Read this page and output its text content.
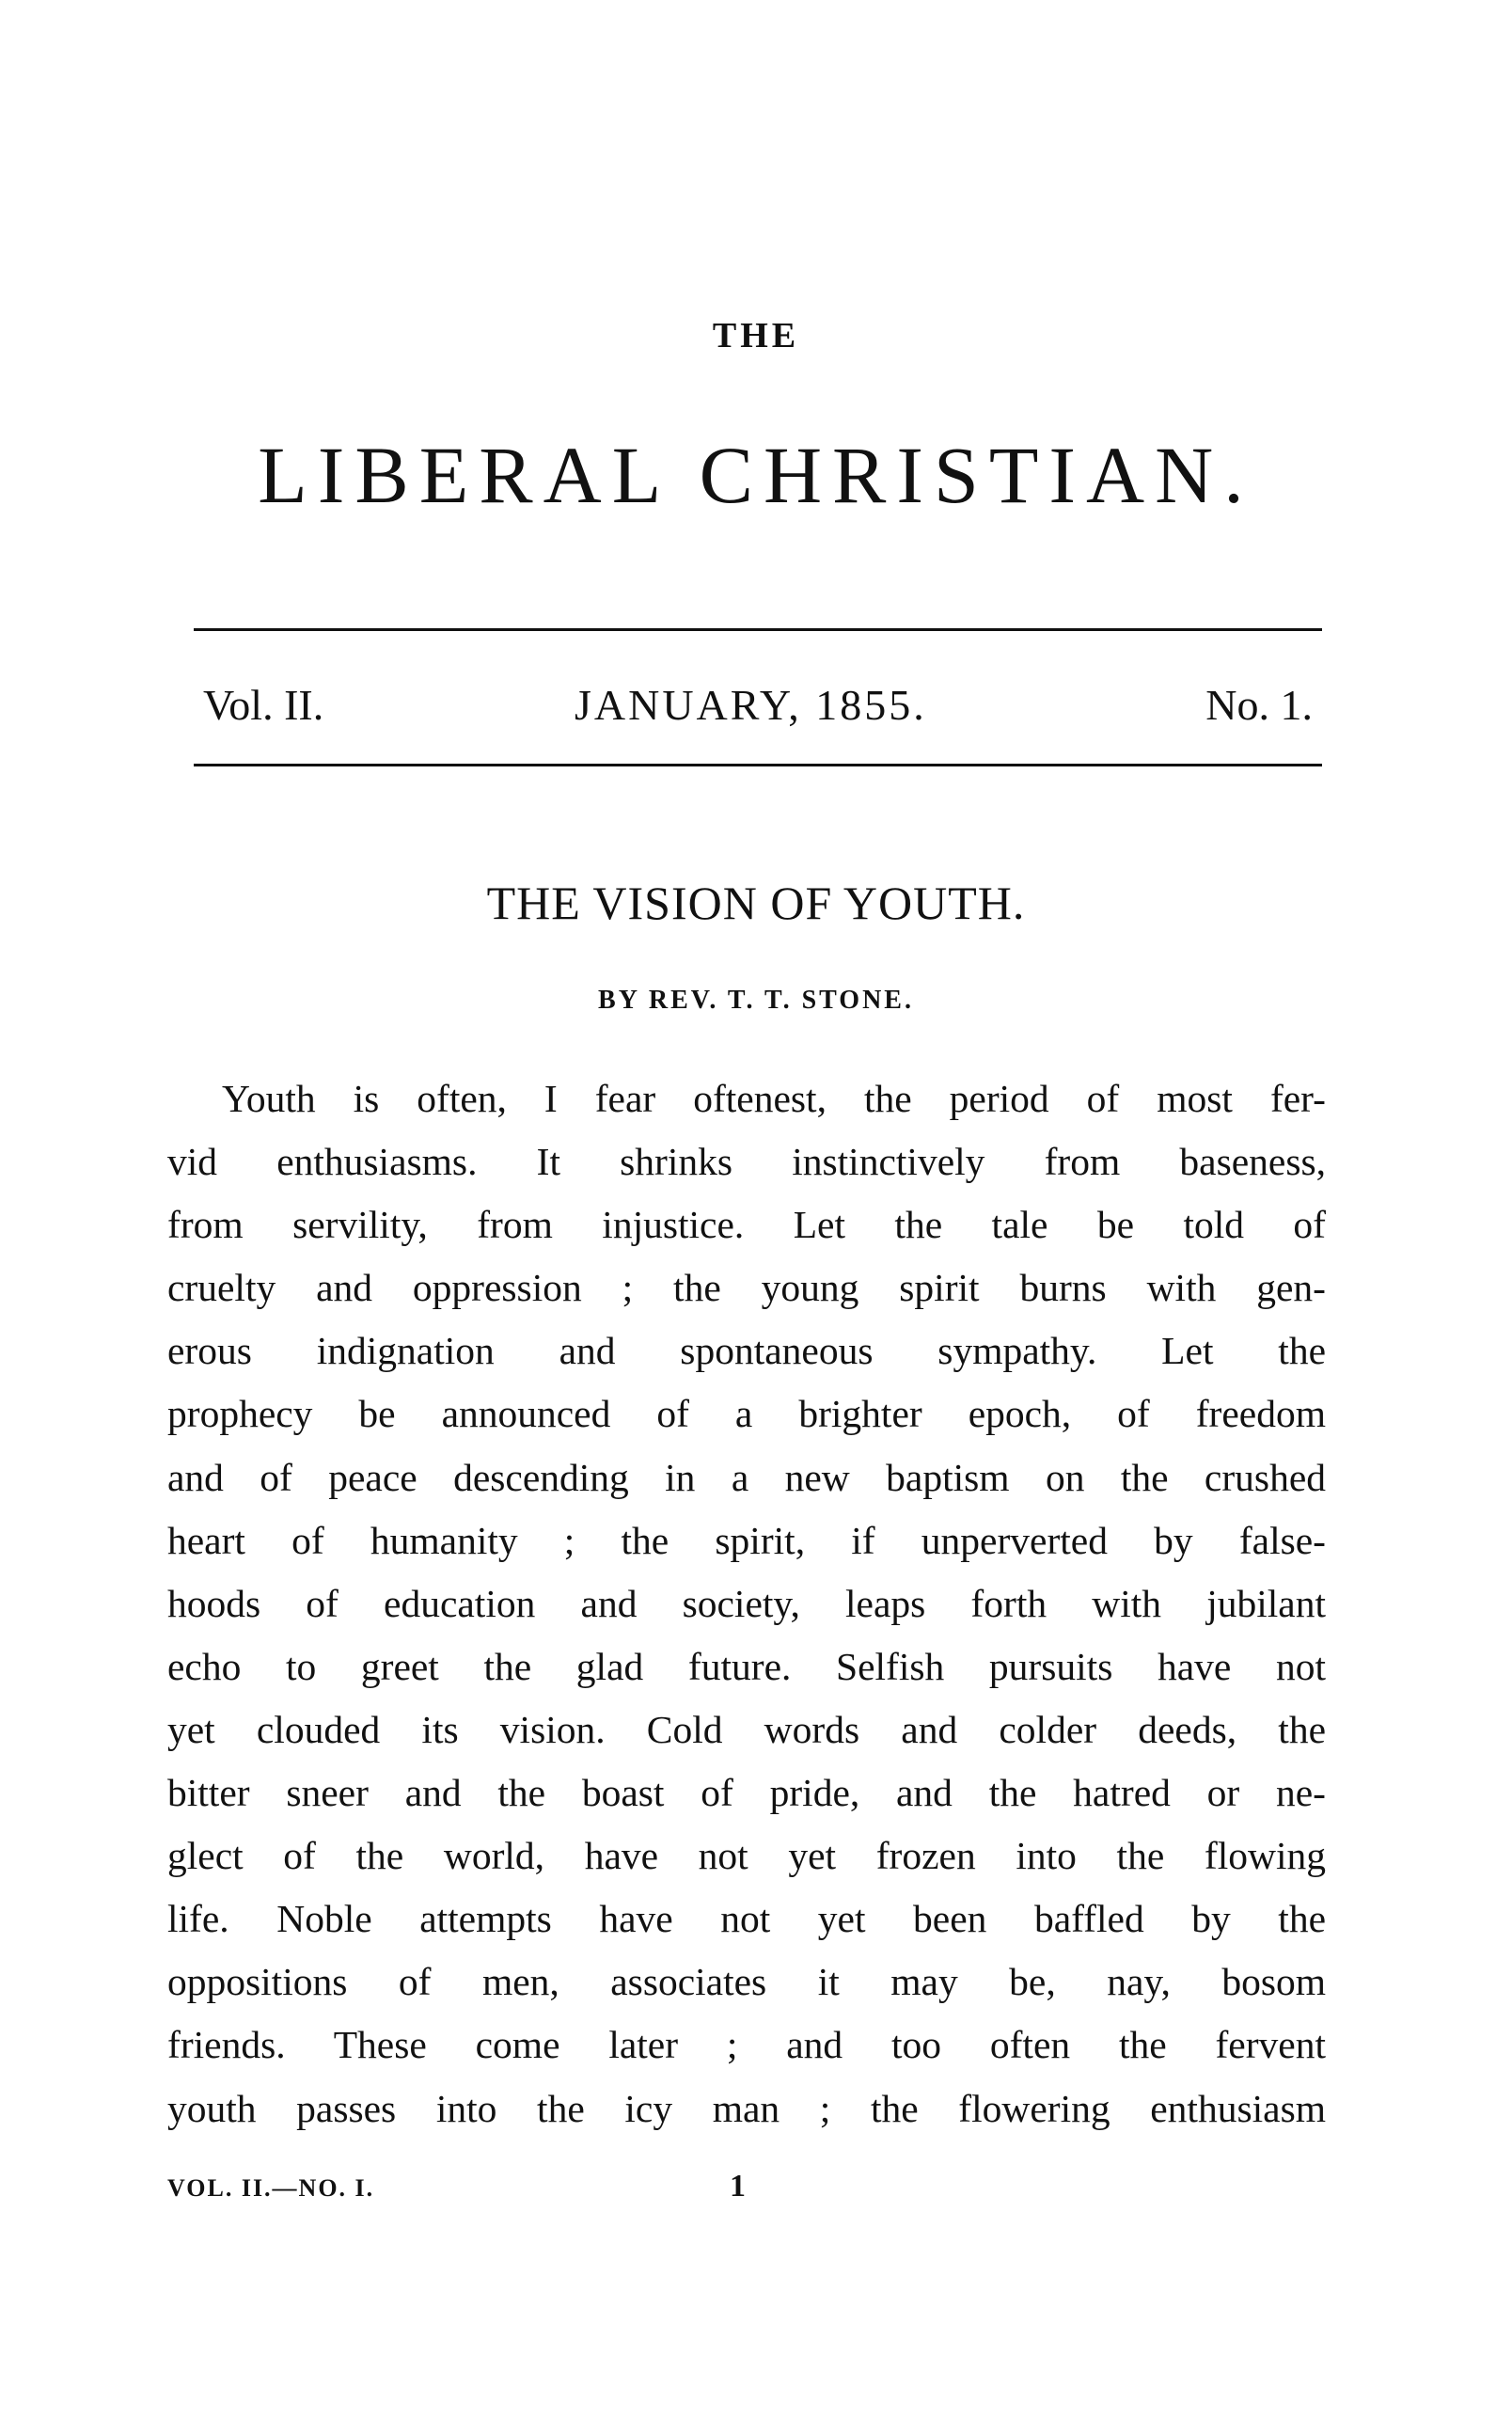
THE
LIBERAL CHRISTIAN.
Vol. II.	JANUARY, 1855.	No. 1.
THE VISION OF YOUTH.
BY REV. T. T. STONE.
Youth is often, I fear oftenest, the period of most fer-
vid enthusiasms. It shrinks instinctively from baseness,
from servility, from injustice. Let the tale be told of
cruelty and oppression ; the young spirit burns with gen-
erous indignation and spontaneous sympathy. Let the
prophecy be announced of a brighter epoch, of freedom
and of peace descending in a new baptism on the crushed
heart of humanity ; the spirit, if unperverted by false-
hoods of education and society, leaps forth with jubilant
echo to greet the glad future. Selfish pursuits have not
yet clouded its vision. Cold words and colder deeds, the
bitter sneer and the boast of pride, and the hatred or ne-
glect of the world, have not yet frozen into the flowing
life. Noble attempts have not yet been baffled by the
oppositions of men, associates it may be, nay, bosom
friends. These come later ; and too often the fervent
youth passes into the icy man ; the flowering enthusiasm
VOL. II.—NO. I.	1
